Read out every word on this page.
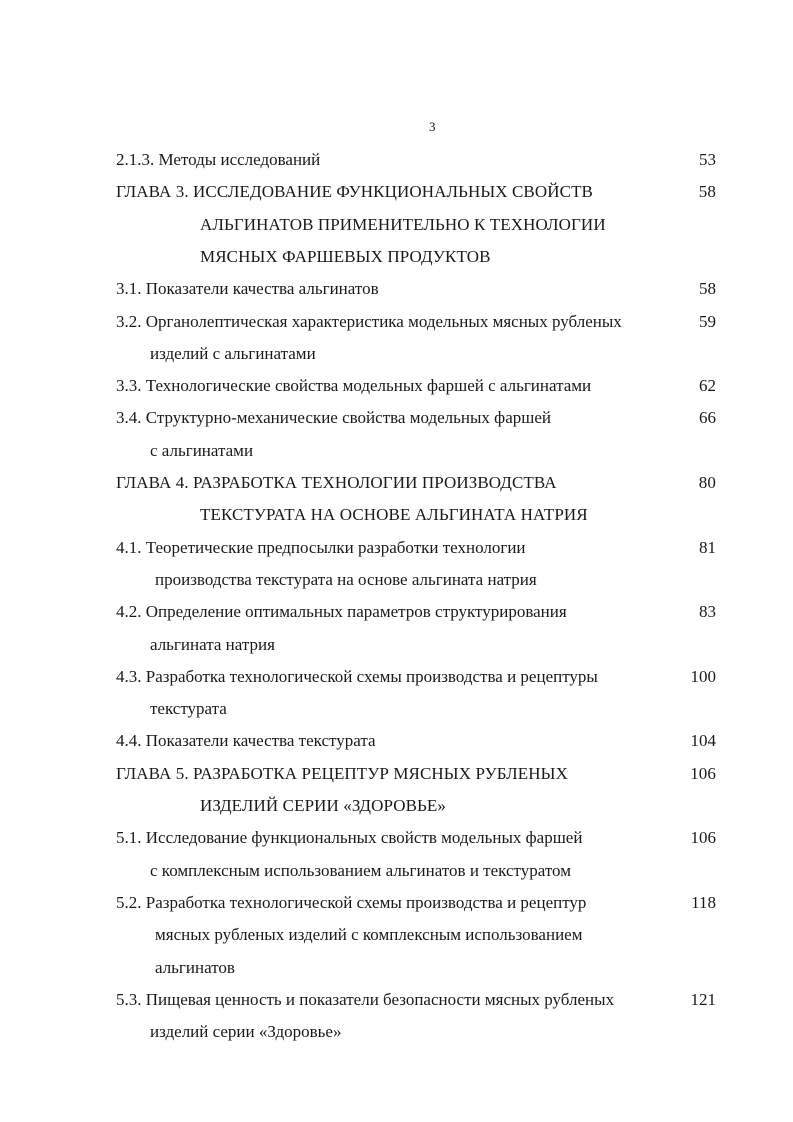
3
2.1.3. Методы исследований	53
ГЛАВА 3. ИССЛЕДОВАНИЕ ФУНКЦИОНАЛЬНЫХ СВОЙСТВ	58
АЛЬГИНАТОВ ПРИМЕНИТЕЛЬНО К ТЕХНОЛОГИИ
МЯСНЫХ ФАРШЕВЫХ ПРОДУКТОВ
3.1. Показатели качества альгинатов	58
3.2. Органолептическая характеристика модельных мясных рубленых	59
изделий с альгинатами
3.3. Технологические свойства модельных фаршей с альгинатами	62
3.4. Структурно-механические свойства модельных фаршей	66
с альгинатами
ГЛАВА 4. РАЗРАБОТКА ТЕХНОЛОГИИ ПРОИЗВОДСТВА	80
ТЕКСТУРАТА НА ОСНОВЕ АЛЬГИНАТА НАТРИЯ
4.1. Теоретические предпосылки разработки технологии	81
производства текстурата на основе альгината натрия
4.2. Определение оптимальных параметров структурирования	83
альгината натрия
4.3. Разработка технологической схемы производства и рецептуры	100
текстурата
4.4. Показатели качества текстурата	104
ГЛАВА 5. РАЗРАБОТКА РЕЦЕПТУР МЯСНЫХ РУБЛЕНЫХ	106
ИЗДЕЛИЙ СЕРИИ «ЗДОРОВЬЕ»
5.1. Исследование функциональных свойств модельных фаршей	106
с комплексным использованием альгинатов и текстуратом
5.2. Разработка технологической схемы производства и рецептур	118
мясных рубленых изделий с комплексным использованием
альгинатов
5.3. Пищевая ценность и показатели безопасности мясных рубленых	121
изделий серии «Здоровье»
